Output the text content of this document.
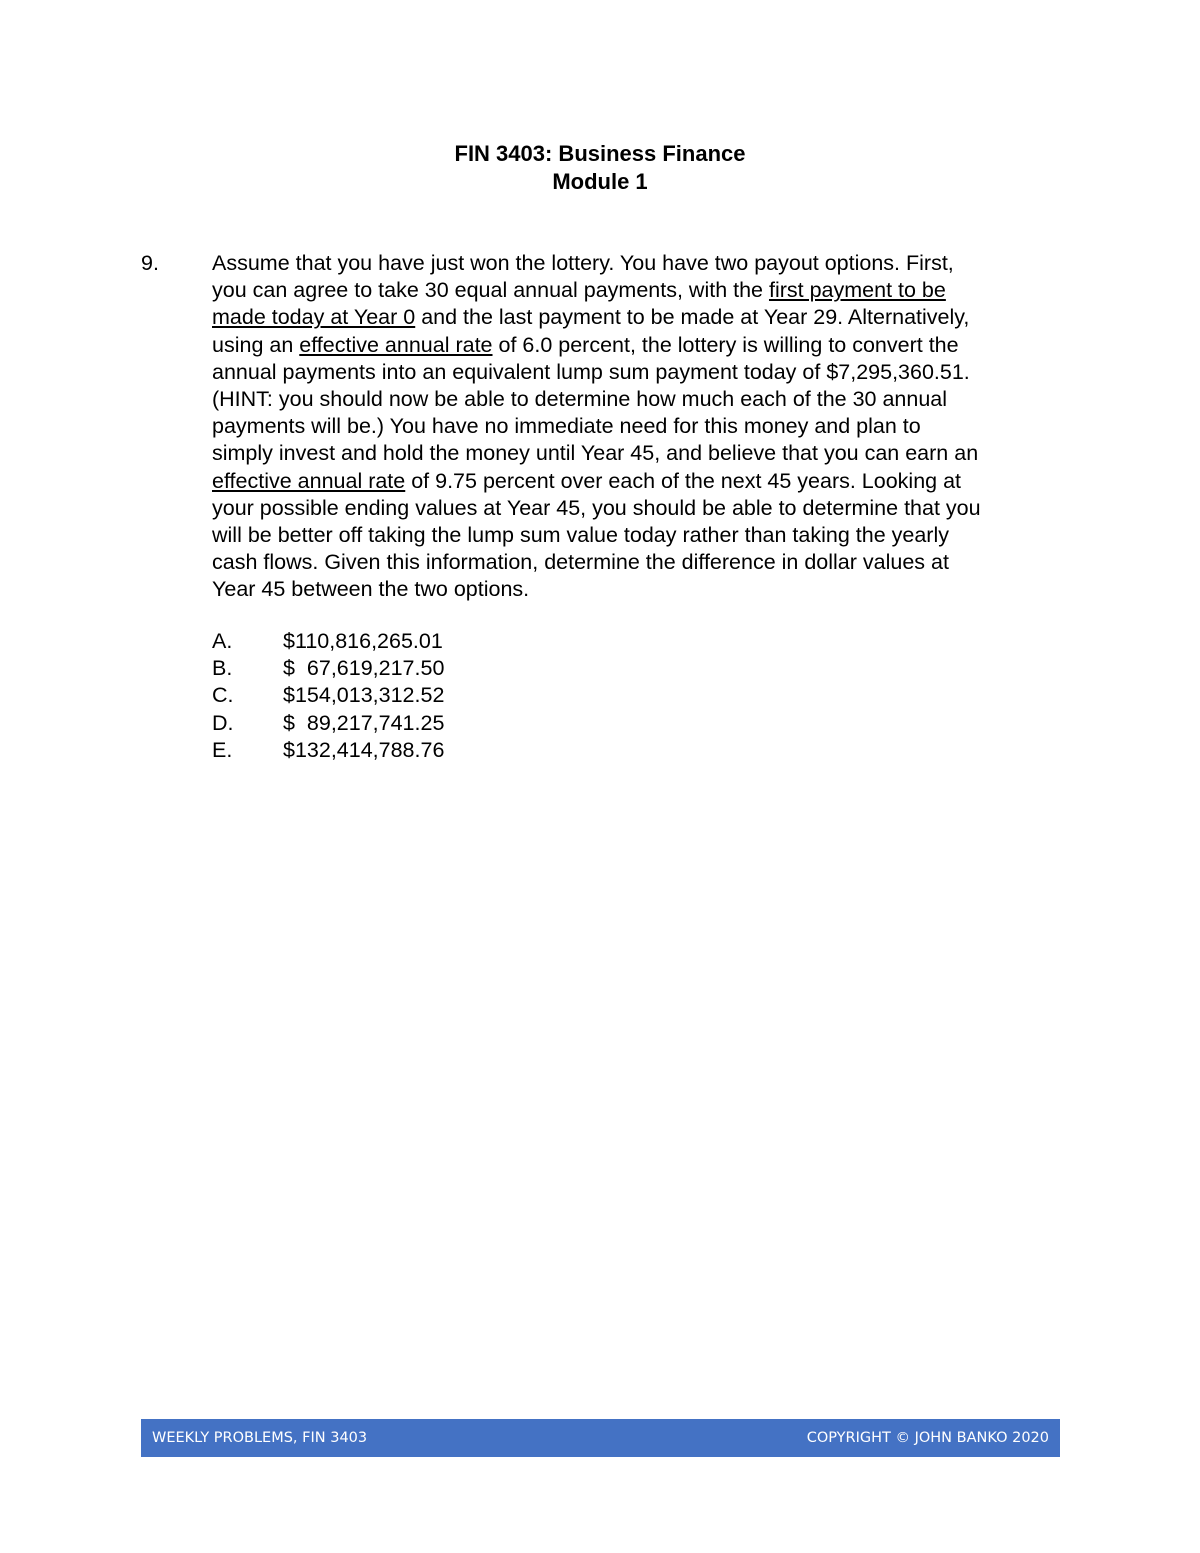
FIN 3403: Business Finance
Module 1
9. Assume that you have just won the lottery. You have two payout options. First,
you can agree to take 30 equal annual payments, with the first payment to be
made today at Year 0 and the last payment to be made at Year 29. Alternatively,
using an effective annual rate of 6.0 percent, the lottery is willing to convert the
annual payments into an equivalent lump sum payment today of $7,295,360.51.
(HINT: you should now be able to determine how much each of the 30 annual
payments will be.) You have no immediate need for this money and plan to
simply invest and hold the money until Year 45, and believe that you can earn an
effective annual rate of 9.75 percent over each of the next 45 years. Looking at
your possible ending values at Year 45, you should be able to determine that you
will be better off taking the lump sum value today rather than taking the yearly
cash flows. Given this information, determine the difference in dollar values at
Year 45 between the two options.
A.	$110,816,265.01
B.	$  67,619,217.50
C.	$154,013,312.52
D.	$  89,217,741.25
E.	$132,414,788.76
WEEKLY PROBLEMS, FIN 3403	COPYRIGHT © JOHN BANKO 2020
